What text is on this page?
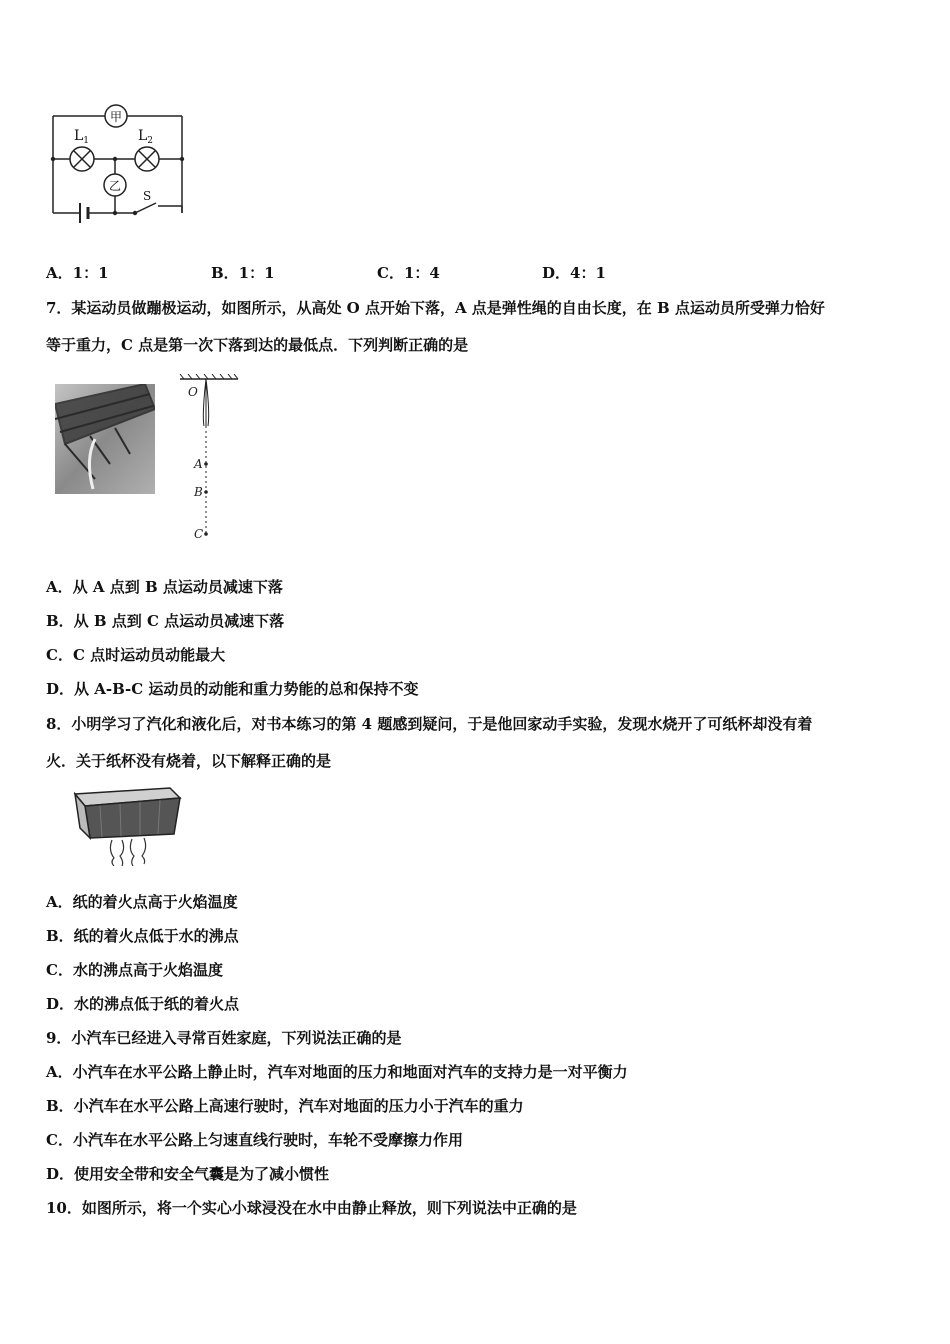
甲
乙
$L_1$	$L_2$
S
A．1：1	B．1：1	C．1：4	D．4：1
7．某运动员做蹦极运动，如图所示，从高处 O 点开始下落，A 点是弹性绳的自由长度，在 B 点运动员所受弹力恰好
等于重力，C 点是第一次下落到达的最低点．下列判断正确的是
O
A
B
C
A．从 A 点到 B 点运动员减速下落
B．从 B 点到 C 点运动员减速下落
C．C 点时运动员动能最大
D．从 A-B-C 运动员的动能和重力势能的总和保持不变
8．小明学习了汽化和液化后，对书本练习的第 4 题感到疑问，于是他回家动手实验，发现水烧开了可纸杯却没有着
火．关于纸杯没有烧着，以下解释正确的是
A．纸的着火点高于火焰温度
B．纸的着火点低于水的沸点
C．水的沸点高于火焰温度
D．水的沸点低于纸的着火点
9．小汽车已经进入寻常百姓家庭，下列说法正确的是
A．小汽车在水平公路上静止时，汽车对地面的压力和地面对汽车的支持力是一对平衡力
B．小汽车在水平公路上高速行驶时，汽车对地面的压力小于汽车的重力
C．小汽车在水平公路上匀速直线行驶时，车轮不受摩擦力作用
D．使用安全带和安全气囊是为了减小惯性
10．如图所示，将一个实心小球浸没在水中由静止释放，则下列说法中正确的是
